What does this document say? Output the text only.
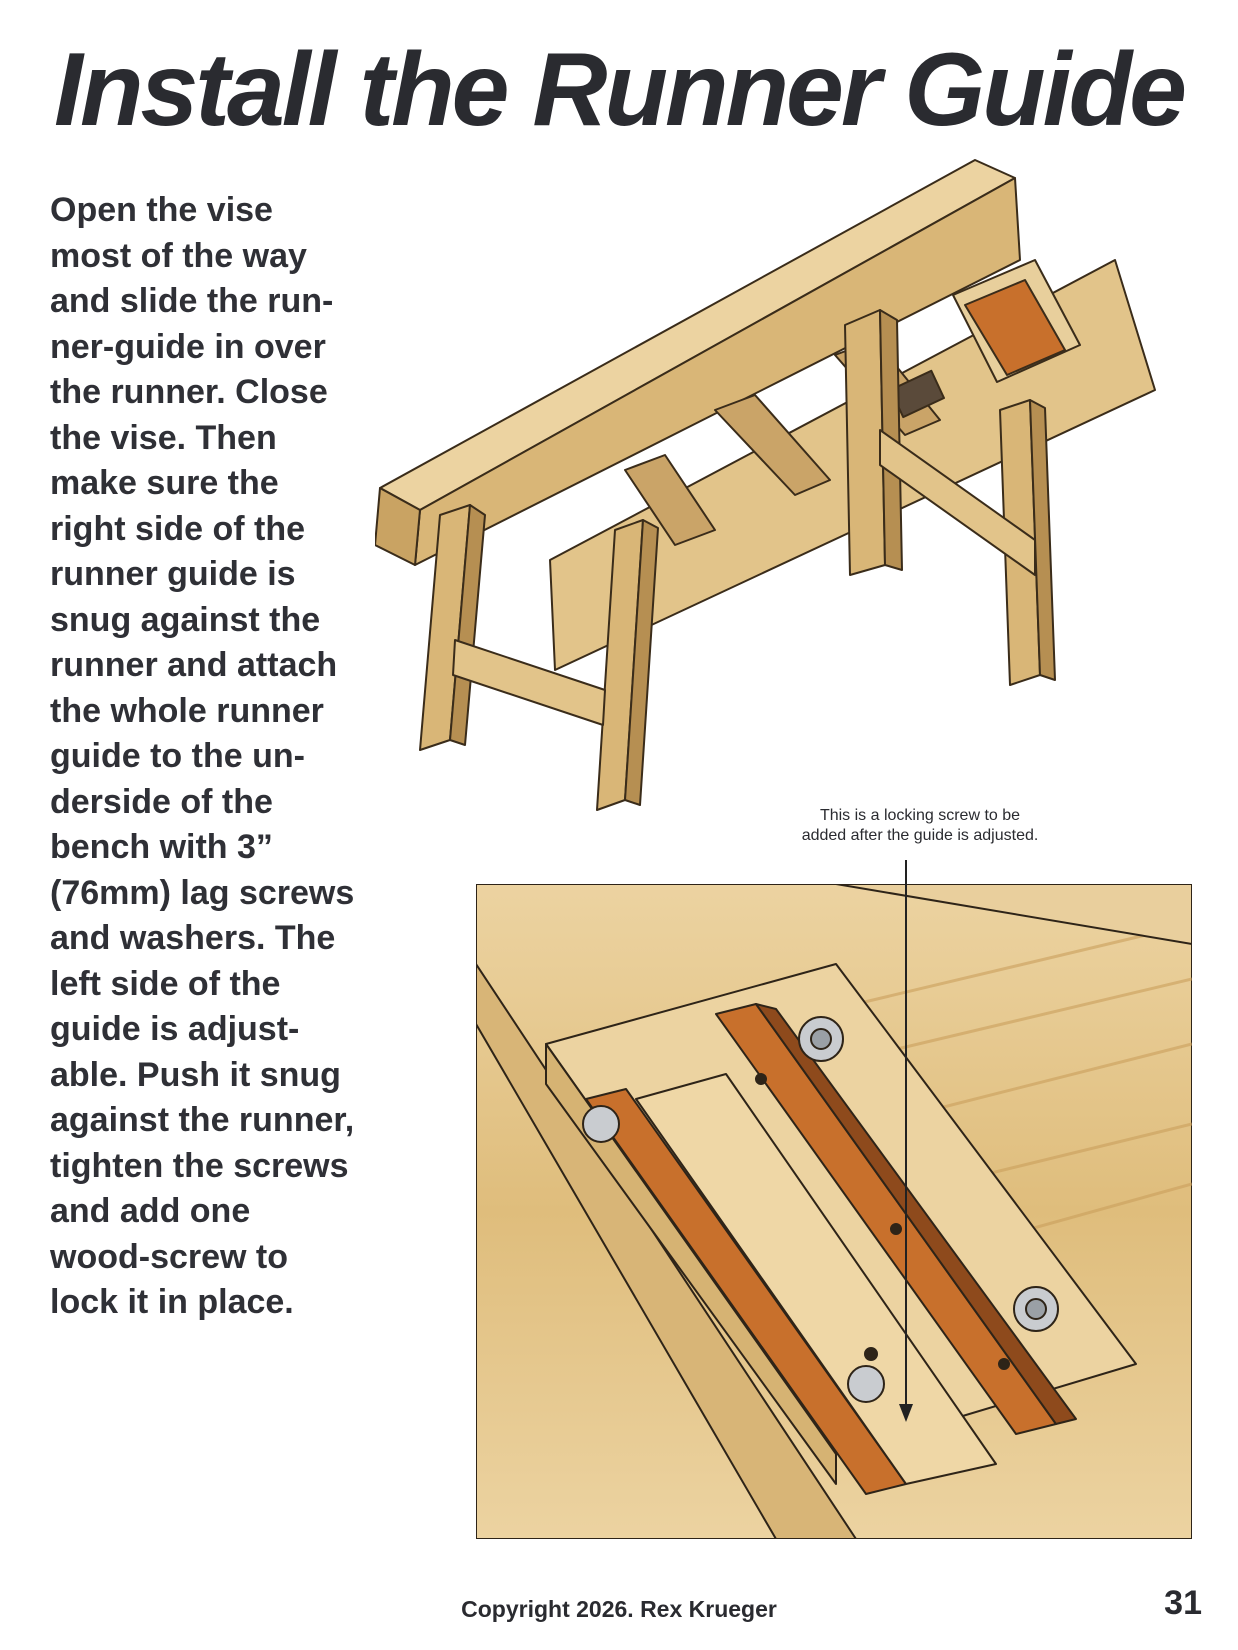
Install the Runner Guide
Open the vise
most of the way
and slide the run-
ner-guide in over
the runner. Close
the vise. Then
make sure the
right side of the
runner guide is
snug against the
runner and attach
the whole runner
guide to the un-
derside of the
bench with 3”
(76mm) lag screws
and washers. The
left side of the
guide is adjust-
able. Push it snug
against the runner,
tighten the screws
and add one
wood-screw to
lock it in place.
This is a locking screw to be
added after the guide is adjusted.
Copyright 2026. Rex Krueger	31
